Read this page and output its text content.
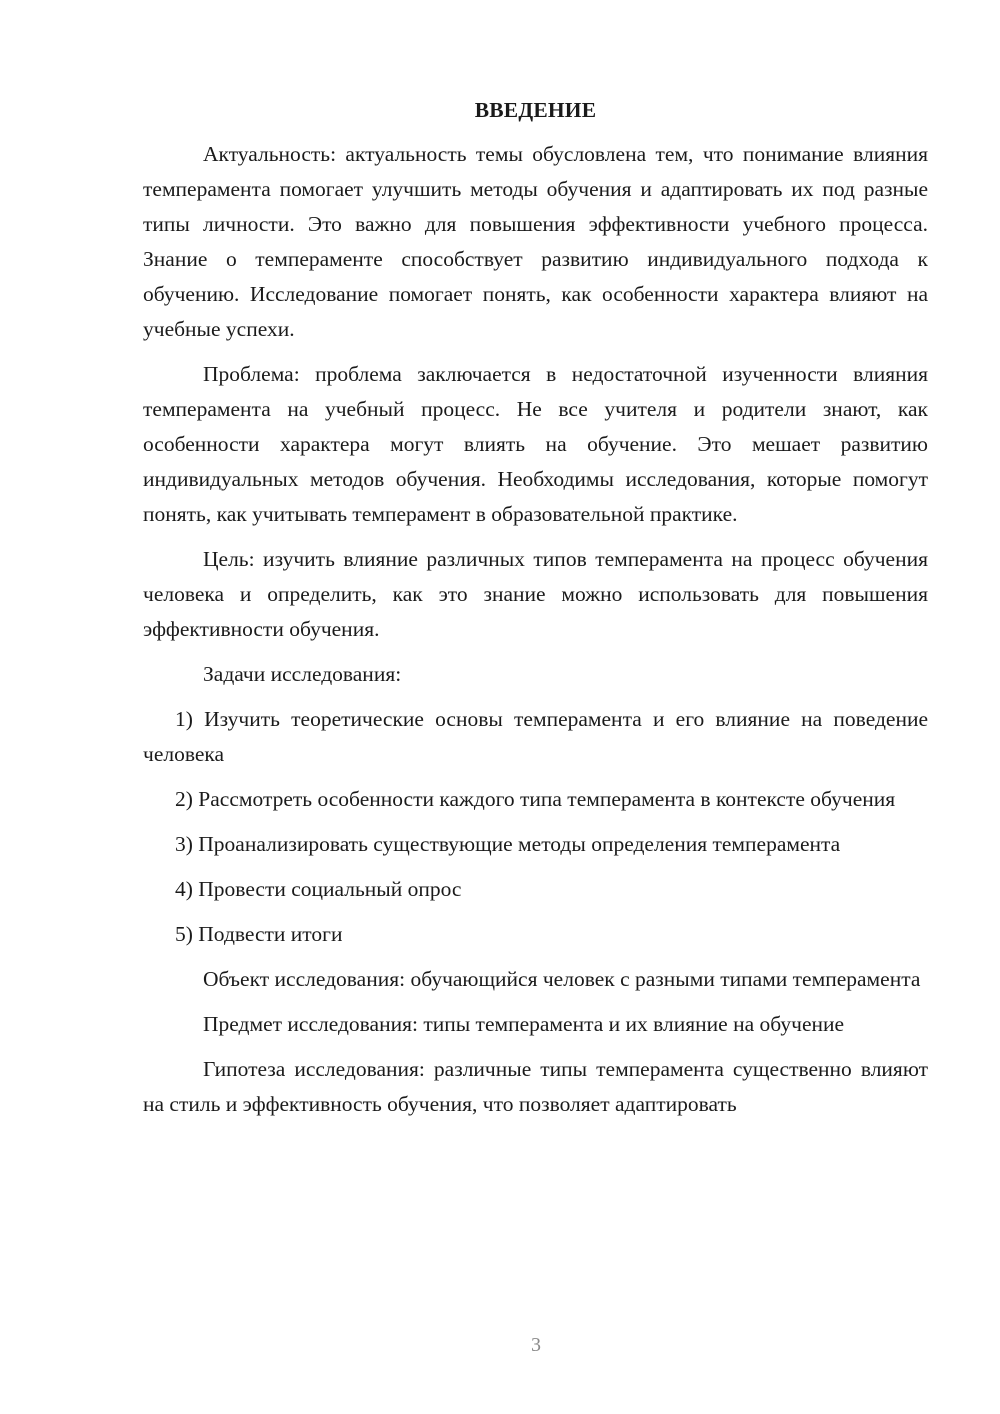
ВВЕДЕНИЕ

Актуальность: актуальность темы обусловлена тем, что понимание влияния темперамента помогает улучшить методы обучения и адаптировать их под разные типы личности. Это важно для повышения эффективности учебного процесса. Знание о темпераменте способствует развитию индивидуального подхода к обучению. Исследование помогает понять, как особенности характера влияют на учебные успехи.

Проблема: проблема заключается в недостаточной изученности влияния темперамента на учебный процесс. Не все учителя и родители знают, как особенности характера могут влиять на обучение. Это мешает развитию индивидуальных методов обучения. Необходимы исследования, которые помогут понять, как учитывать темперамент в образовательной практике.

Цель: изучить влияние различных типов темперамента на процесс обучения человека и определить, как это знание можно использовать для повышения эффективности обучения.

Задачи исследования:

1) Изучить теоретические основы темперамента и его влияние на поведение человека

2) Рассмотреть особенности каждого типа темперамента в контексте обучения

3) Проанализировать существующие методы определения темперамента

4) Провести социальный опрос

5) Подвести итоги

Объект исследования: обучающийся человек с разными типами темперамента

Предмет исследования: типы темперамента и их влияние на обучение

Гипотеза исследования: различные типы темперамента существенно влияют на стиль и эффективность обучения, что позволяет адаптировать

3
